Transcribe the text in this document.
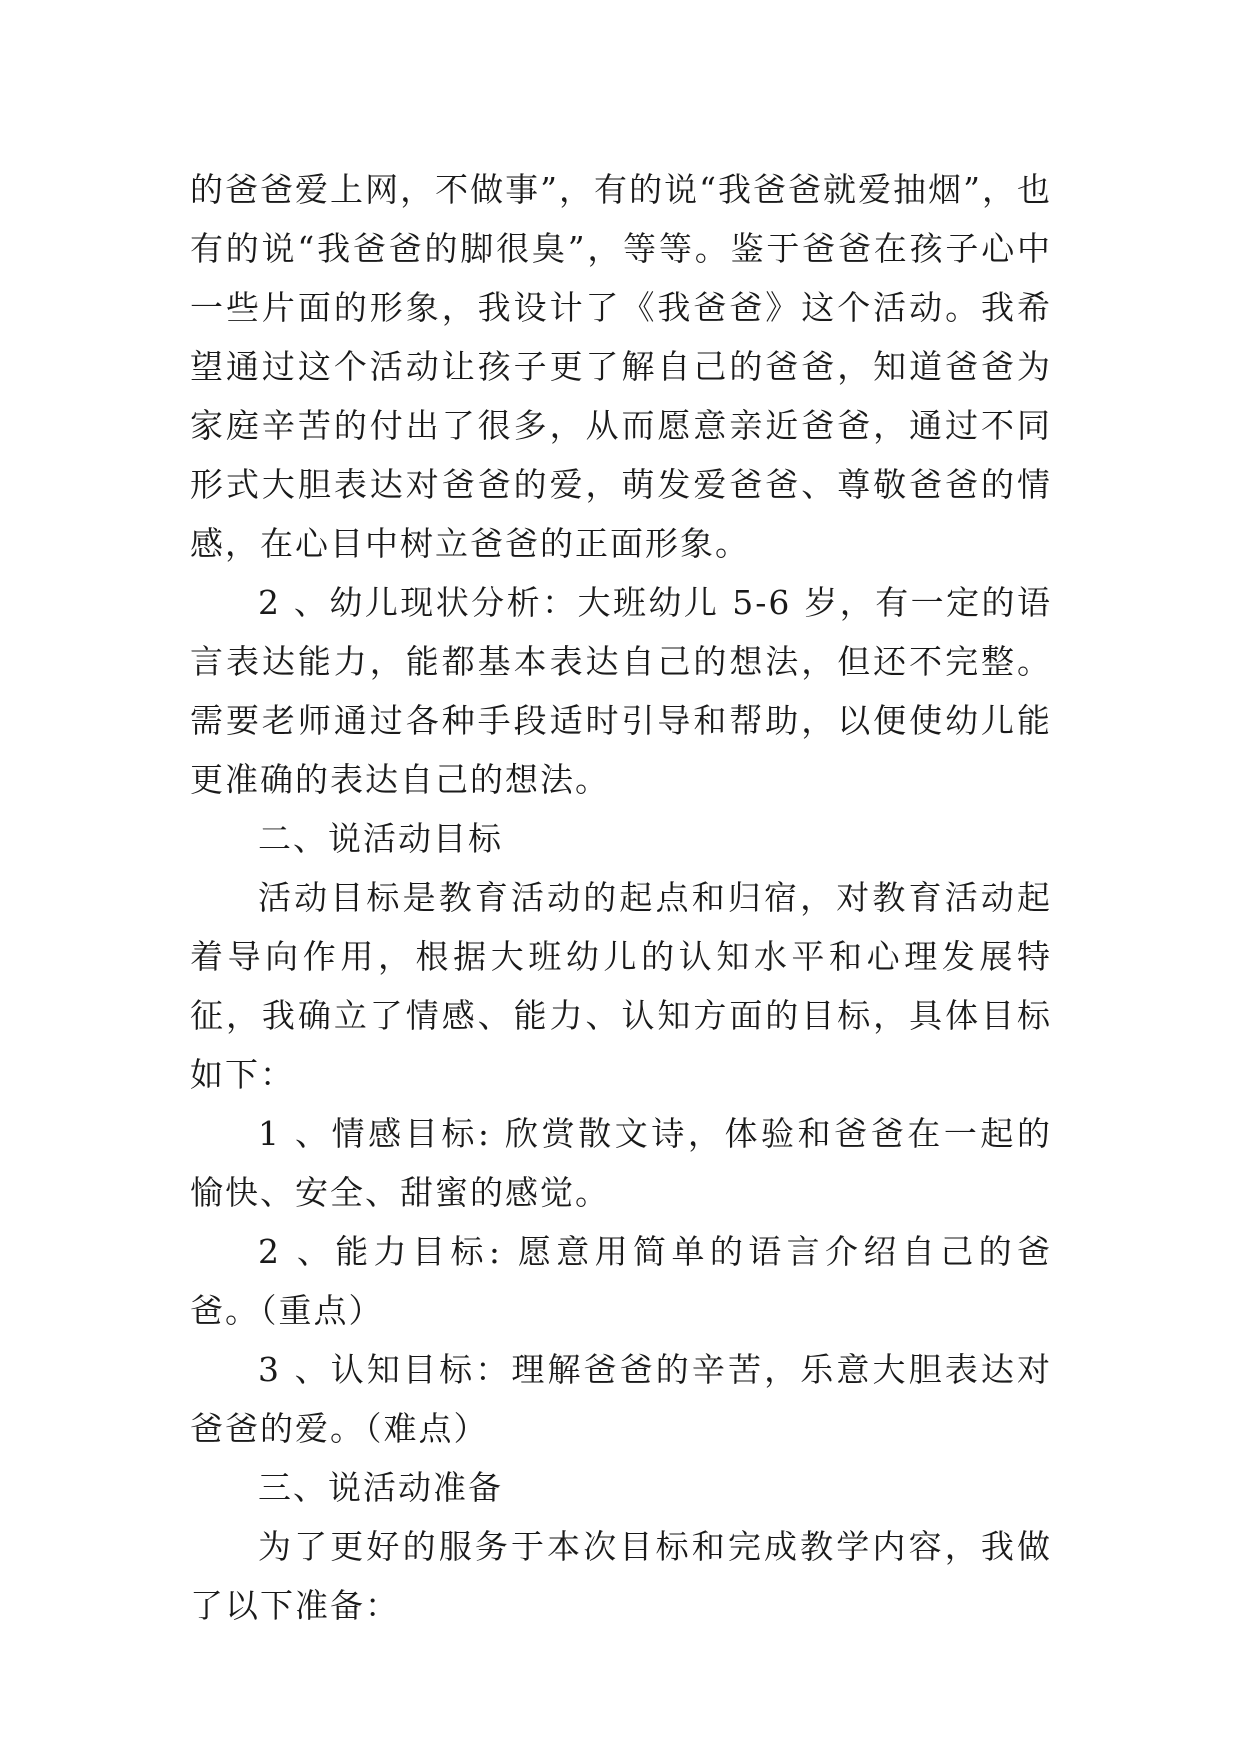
的爸爸爱上网，不做事”，有的说“我爸爸就爱抽烟”，也有的说“我爸爸的脚很臭”，等等。鉴于爸爸在孩子心中一些片面的形象，我设计了《我爸爸》这个活动。我希望通过这个活动让孩子更了解自己的爸爸，知道爸爸为家庭辛苦的付出了很多，从而愿意亲近爸爸，通过不同形式大胆表达对爸爸的爱，萌发爱爸爸、尊敬爸爸的情感，在心目中树立爸爸的正面形象。

2 、幼儿现状分析：大班幼儿 5-6 岁，有一定的语言表达能力，能都基本表达自己的想法，但还不完整。需要老师通过各种手段适时引导和帮助，以便使幼儿能更准确的表达自己的想法。

二、说活动目标

活动目标是教育活动的起点和归宿，对教育活动起着导向作用，根据大班幼儿的认知水平和心理发展特征，我确立了情感、能力、认知方面的目标，具体目标如下：

1 、情感目标: 欣赏散文诗，体验和爸爸在一起的愉快、安全、甜蜜的感觉。

2 、能力目标: 愿意用简单的语言介绍自己的爸爸。（重点）

3 、认知目标：理解爸爸的辛苦，乐意大胆表达对爸爸的爱。（难点）

三、说活动准备

为了更好的服务于本次目标和完成教学内容，我做了以下准备：
